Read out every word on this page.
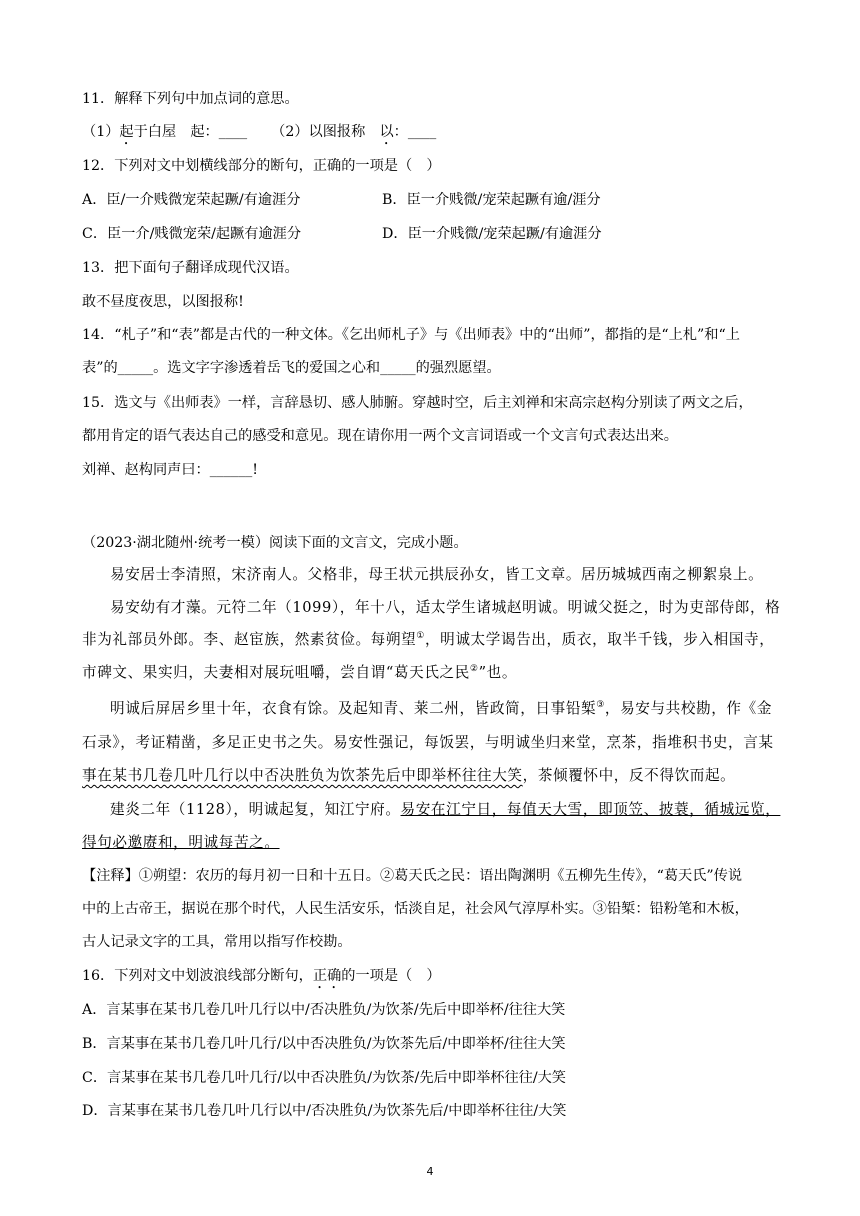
11．解释下列句中加点词的意思。
（1）起于白屋　起：____ （2）以图报称　以：____
12．下列对文中划横线部分的断句，正确的一项是（　）
A．臣/一介贱微宠荣起蹶/有逾涯分	B．臣一介贱微/宠荣起蹶有逾/涯分
C．臣一介/贱微宠荣/起蹶有逾涯分	D．臣一介贱微/宠荣起蹶/有逾涯分
13．把下面句子翻译成现代汉语。
敢不昼度夜思，以图报称!
14．“札子”和“表”都是古代的一种文体。《乞出师札子》与《出师表》中的“出师”，都指的是“上札”和“上
表”的_____。选文字字渗透着岳飞的爱国之心和_____的强烈愿望。
15．选文与《出师表》一样，言辞恳切、感人肺腑。穿越时空，后主刘禅和宋高宗赵构分别读了两文之后，
都用肯定的语气表达自己的感受和意见。现在请你用一两个文言词语或一个文言句式表达出来。
刘禅、赵构同声曰：______!
（2023·湖北随州·统考一模）阅读下面的文言文，完成小题。
易安居士李清照，宋济南人。父格非，母王状元拱辰孙女，皆工文章。居历城城西南之柳絮泉上。
易安幼有才藻。元符二年（1099），年十八，适太学生诸城赵明诚。明诚父挺之，时为吏部侍郎，格
非为礼部员外郎。李、赵宦族，然素贫俭。每朔望①，明诚太学谒告出，质衣，取半千钱，步入相国寺，
市碑文、果实归，夫妻相对展玩咀嚼，尝自谓“葛天氏之民②”也。
明诚后屏居乡里十年，衣食有馀。及起知青、莱二州，皆政简，日事铅椠③，易安与共校勘，作《金
石录》，考证精凿，多足正史书之失。易安性强记，每饭罢，与明诚坐归来堂，烹茶，指堆积书史，言某
事在某书几卷几叶几行以中否决胜负为饮茶先后中即举杯往往大笑，茶倾覆怀中，反不得饮而起。
建炎二年（1128），明诚起复，知江宁府。易安在江宁日，每值天大雪，即顶笠、披蓑，循城远览，
得句必邀赓和，明诚每苦之。
【注释】①朔望：农历的每月初一日和十五日。②葛天氏之民：语出陶渊明《五柳先生传》，“葛天氏”传说
中的上古帝王，据说在那个时代，人民生活安乐，恬淡自足，社会风气淳厚朴实。③铅椠：铅粉笔和木板，
古人记录文字的工具，常用以指写作校勘。
16．下列对文中划波浪线部分断句，正确的一项是（　）
A．言某事在某书几卷几叶几行以中/否决胜负/为饮茶/先后中即举杯/往往大笑
B．言某事在某书几卷几叶几行/以中否决胜负/为饮茶先后/中即举杯/往往大笑
C．言某事在某书几卷几叶几行/以中否决胜负/为饮茶/先后中即举杯往往/大笑
D．言某事在某书几卷几叶几行以中/否决胜负/为饮茶先后/中即举杯往往/大笑
4
